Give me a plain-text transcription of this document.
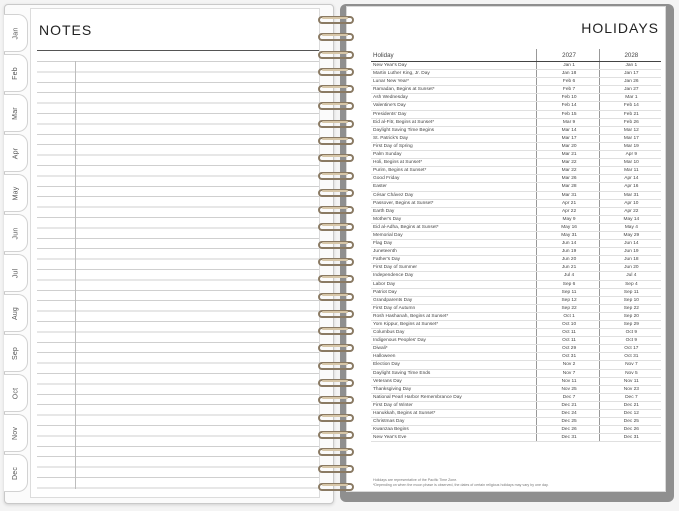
Jan
Feb
Mar
Apr
May
Jun
Jul
Aug
Sep
Oct
Nov
Dec
NOTES	HOLIDAYS
Holiday	2027	2028
New Year's Day	Jan 1	Jan 1
Martin Luther King, Jr. Day	Jan 18	Jan 17
Lunar New Year*	Feb 6	Jan 26
Ramadan, Begins at Sunset*	Feb 7	Jan 27
Ash Wednesday	Feb 10	Mar 1
Valentine's Day	Feb 14	Feb 14
Presidents' Day	Feb 15	Feb 21
Eid al-Fitr, Begins at Sunset*	Mar 9	Feb 26
Daylight Saving Time Begins	Mar 14	Mar 12
St. Patrick's Day	Mar 17	Mar 17
First Day of Spring	Mar 20	Mar 19
Palm Sunday	Mar 21	Apr 9
Holi, Begins at Sunset*	Mar 22	Mar 10
Purim, Begins at Sunset*	Mar 22	Mar 11
Good Friday	Mar 26	Apr 14
Easter	Mar 28	Apr 16
César Chávez Day	Mar 31	Mar 31
Passover, Begins at Sunset*	Apr 21	Apr 10
Earth Day	Apr 22	Apr 22
Mother's Day	May 9	May 14
Eid al-Adha, Begins at Sunset*	May 16	May 4
Memorial Day	May 31	May 29
Flag Day	Jun 14	Jun 14
Juneteenth	Jun 19	Jun 19
Father's Day	Jun 20	Jun 18
First Day of Summer	Jun 21	Jun 20
Independence Day	Jul 4	Jul 4
Labor Day	Sep 6	Sep 4
Patriot Day	Sep 11	Sep 11
Grandparents Day	Sep 12	Sep 10
First Day of Autumn	Sep 22	Sep 22
Rosh Hashanah, Begins at Sunset*	Oct 1	Sep 20
Yom Kippur, Begins at Sunset*	Oct 10	Sep 29
Columbus Day	Oct 11	Oct 9
Indigenous Peoples' Day	Oct 11	Oct 9
Diwali*	Oct 29	Oct 17
Halloween	Oct 31	Oct 31
Election Day	Nov 2	Nov 7
Daylight Saving Time Ends	Nov 7	Nov 5
Veterans Day	Nov 11	Nov 11
Thanksgiving Day	Nov 25	Nov 23
National Pearl Harbor Remembrance Day	Dec 7	Dec 7
First Day of Winter	Dec 21	Dec 21
Hanukkah, Begins at Sunset*	Dec 24	Dec 12
Christmas Day	Dec 25	Dec 25
Kwanzaa Begins	Dec 26	Dec 26
New Year's Eve	Dec 31	Dec 31
Holidays are representative of the Pacific Time Zone.
*Depending on when the moon phase is observed, the dates of certain religious holidays may vary by one day.
